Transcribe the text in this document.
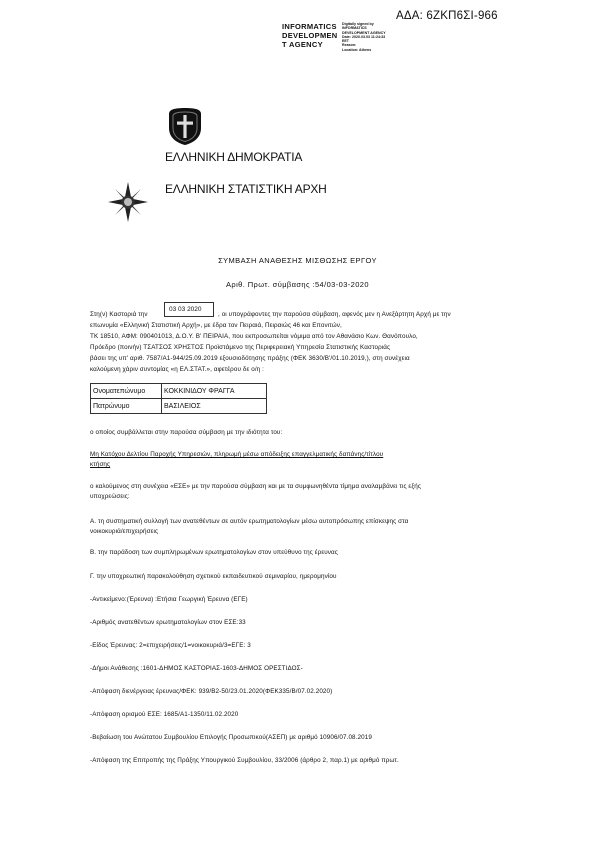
ΑΔΑ: 6ΖΚΠ6ΣΙ-966
INFORMATICS
DEVELOPMEN
T AGENCY
Digitally signed by
INFORMATICS
DEVELOPMENT AGENCY
Date: 2020.03.03 11:24:33
EET
Reason:
Location: Athens
ΕΛΛΗΝΙΚΗ ΔΗΜΟΚΡΑΤΙΑ
ΕΛΛΗΝΙΚΗ ΣΤΑΤΙΣΤΙΚΗ ΑΡΧΗ
ΣΥΜΒΑΣΗ ΑΝΑΘΕΣΗΣ ΜΙΣΘΩΣΗΣ ΕΡΓΟΥ
Αριθ. Πρωτ. σύμβασης :54/03-03-2020
03 03 2020
Στη(ν) Καστοριά την	, οι υπογράφοντες την παρούσα σύμβαση, αφενός μεν η Ανεξάρτητη Αρχή με την
επωνυμία «Ελληνική Στατιστική Αρχή», με έδρα τον Πειραιά, Πειραιώς 46 και Επονιτών,
ΤΚ 18510, ΑΦΜ: 090401013, Δ.Ο.Υ. Β' ΠΕΙΡΑΙΑ, που εκπροσωπείται νόμιμα από τον Αθανάσιο Κων. Θανόπουλο,
Πρόεδρο (ποινήν) ΤΣΑΤΣΟΣ ΧΡΗΣΤΟΣ Προϊστάμενο της Περιφερειακή Υπηρεσία Στατιστικής Καστοριάς
βάσει της υπ' αριθ. 7587/Α1-944/25.09.2019 εξουσιοδότησης πράξης (ΦΕΚ 3630/Β'/01.10.2019,), στη συνέχεια
καλούμενη χάριν συντομίας «η ΕΛ.ΣΤΑΤ.», αφετέρου δε ο/η :
Ονοματεπώνυμο	ΚΟΚΚΙΝΙΔΟΥ ΦΡΑΓΓΑ
Πατρώνυμο	ΒΑΣΙΛΕΙΟΣ
ο οποίος συμβάλλεται στην παρούσα σύμβαση με την ιδιότητα του:
Μη Κατόχου Δελτίου Παροχής Υπηρεσιών, πληρωμή μέσω απόδειξης επαγγελματικής δαπάνης/τίτλου
κτήσης
ο καλούμενος στη συνέχεια «ΕΣΕ» με την παρούσα σύμβαση και με τα συμφωνηθέντα τίμημα αναλαμβάνει τις εξής
υποχρεώσεις:
Α. τη συστηματική συλλογή των ανατεθέντων σε αυτόν ερωτηματολογίων μέσω αυτοπρόσωπης επίσκεψης στα
νοικοκυριά/επιχειρήσεις
Β. την παράδοση των συμπληρωμένων ερωτηματολογίων στον υπεύθυνο της έρευνας
Γ. την υποχρεωτική παρακολούθηση σχετικού εκπαιδευτικού σεμιναρίου, ημερομηνίου
-Αντικείμενο:(Έρευνα) :Ετήσια Γεωργική Έρευνα (ΕΓΕ)
-Αριθμός ανατεθέντων ερωτηματολογίων στον ΕΣΕ:33
-Είδος Έρευνας: 2=επιχειρήσεις/1=νοικοκυριά/3=ΕΓΕ: 3
-Δήμοι Ανάθεσης :1601-ΔΗΜΟΣ ΚΑΣΤΟΡΙΑΣ-1603-ΔΗΜΟΣ ΟΡΕΣΤΙΔΟΣ-
-Απόφαση διενέργειας έρευνας/ΦΕΚ: 939/Β2-50/23.01.2020(ΦΕΚ335/Β/07.02.2020)
-Απόφαση ορισμού ΕΣΕ: 1685/Α1-1350/11.02.2020
-Βεβαίωση του Ανώτατου Συμβουλίου Επιλογής Προσωπικού(ΑΣΕΠ) με αριθμό 10906/07.08.2019
-Απόφαση της Επιτροπής της Πράξης Υπουργικού Συμβουλίου, 33/2006 (άρθρο 2, παρ.1) με αριθμό πρωτ.
